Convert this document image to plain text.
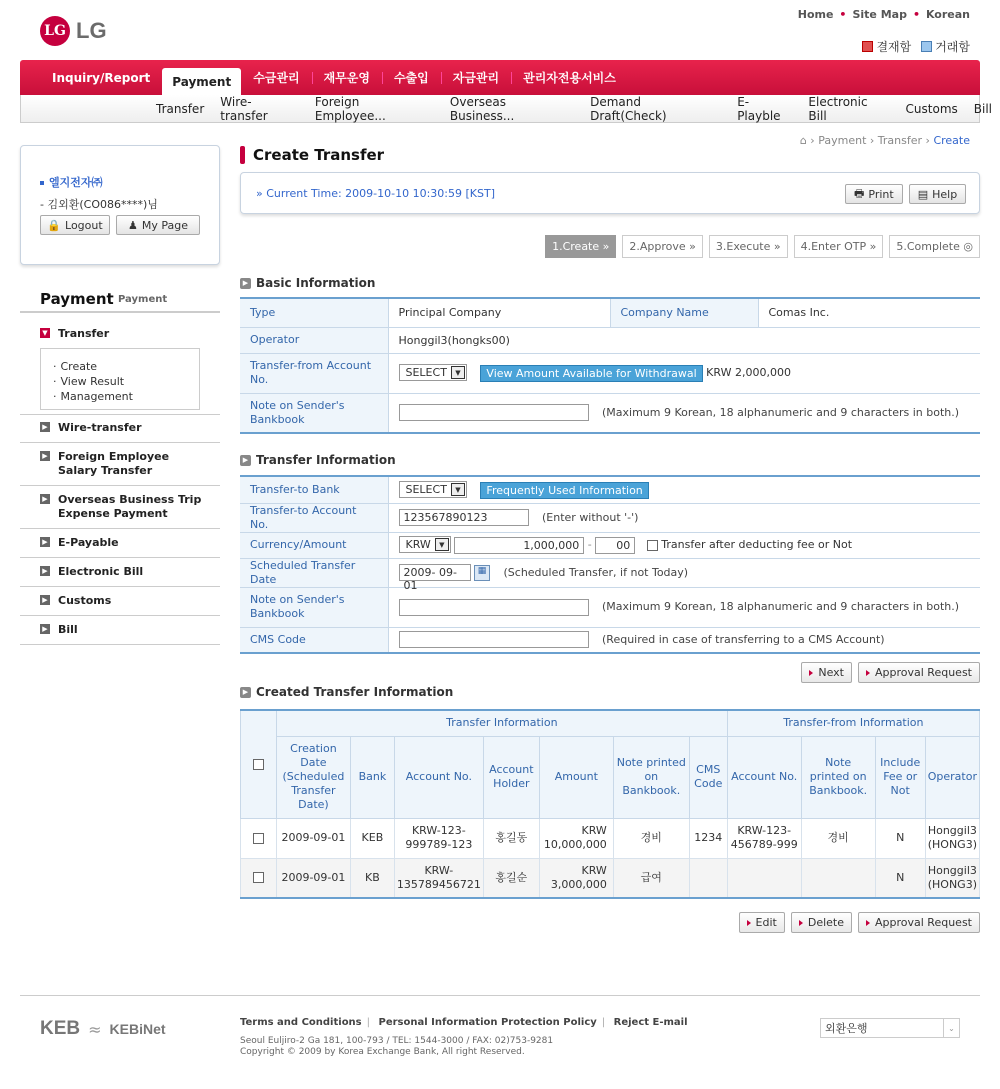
LG LG
Home • Site Map • Korean
결재함 거래함
Inquiry/Report	Payment	수금관리	재무운영	수출입	자금관리	관리자전용서비스
Transfer	Wire-transfer
Foreign Employee...
Overseas Business...
Demand Draft(Check)
E-Playble
Electronic Bill	Customs	Bill
엘지전자㈜
- 김외환(CO086****)님
🔒 Logout ♟ My Page
Payment Payment
▼ Transfer
· Create
· View Result
· Management
▶ Wire-transfer
▶ Foreign Employee Salary Transfer
▶ Overseas Business Trip Expense Payment
▶ E-Payable
▶ Electronic Bill
▶ Customs
▶ Bill
⌂ › Payment › Transfer › Create
Create Transfer
» Current Time: 2009-10-10 10:30:59 [KST]	🖶 Print ▤ Help
1.Create »	2.Approve »	3.Execute »	4.Enter OTP »	5.Complete ◎
▶ Basic Information
Type	Principal Company	Company Name	Comas Inc.
Operator	Honggil3(hongks00)		
Transfer-from Account No.	SELECT ▼ View Amount Available for Withdrawal KRW 2,000,000		
Note on Sender's Bankbook	(Maximum 9 Korean, 18 alphanumeric and 9 characters in both.)		
▶ Transfer Information
Transfer-to Bank	SELECT ▼ Frequently Used Information
Transfer-to Account No.	123567890123 (Enter without '-')
Currency/Amount	KRW ▼ 1,000,000 - 00 Transfer after deducting fee or Not
Scheduled Transfer Date	2009- 09-01 ▦ (Scheduled Transfer, if not Today)
Note on Sender's Bankbook	(Maximum 9 Korean, 18 alphanumeric and 9 characters in both.)
CMS Code	(Required in case of transferring to a CMS Account)
Next	Approval Request
▶ Created Transfer Information
	Transfer Information							Transfer-from Information			
	Creation Date (Scheduled Transfer Date)	Bank	Account No.	Account Holder	Amount	Note printed on Bankbook.	CMS Code	Account No.	Note printed on Bankbook.	Include Fee or Not	Operator
	2009-09-01	KEB	KRW-123-999789-123	홍길동	KRW 10,000,000	경비	1234	KRW-123-456789-999	경비	N	Honggil3 (HONG3)
	2009-09-01	KB	KRW-135789456721	홍길순	KRW 3,000,000	급여				N	Honggil3 (HONG3)
Edit	Delete	Approval Request
KEB ≈ KEBiNet	Terms and Conditions | Personal Information Protection Policy | Reject E-mail
Seoul Euljiro-2 Ga 181, 100-793 / TEL: 1544-3000 / FAX: 02)753-9281
Copyright © 2009 by Korea Exchange Bank, All right Reserved.
외환은행	⌄
